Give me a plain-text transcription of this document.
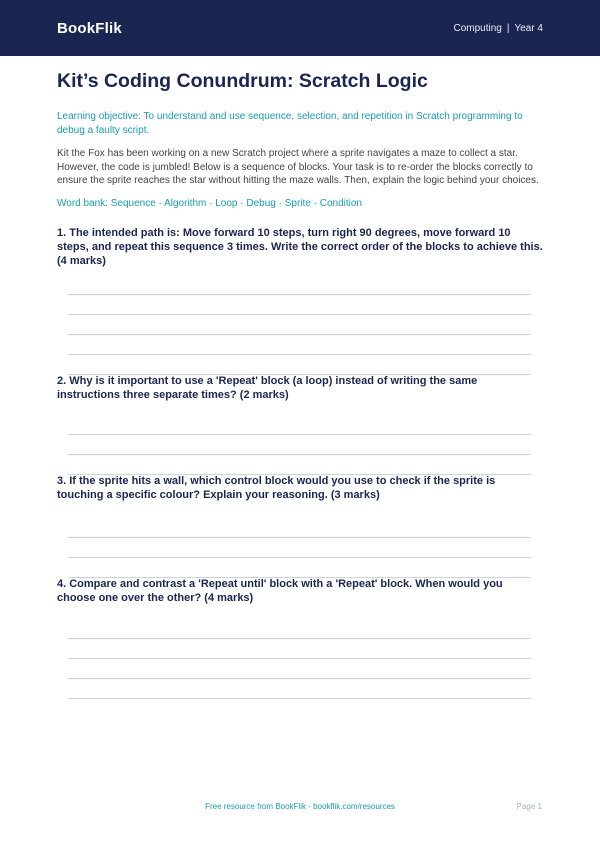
BookFlik	Computing | Year 4
Kit’s Coding Conundrum: Scratch Logic

Learning objective: To understand and use sequence, selection, and repetition in Scratch programming to debug a faulty script.

Kit the Fox has been working on a new Scratch project where a sprite navigates a maze to collect a star. However, the code is jumbled! Below is a sequence of blocks. Your task is to re-order the blocks correctly to ensure the sprite reaches the star without hitting the maze walls. Then, explain the logic behind your choices.

Word bank: Sequence · Algorithm · Loop · Debug · Sprite · Condition

1. The intended path is: Move forward 10 steps, turn right 90 degrees, move forward 10 steps, and repeat this sequence 3 times. Write the correct order of the blocks to achieve this. (4 marks)

2. Why is it important to use a 'Repeat' block (a loop) instead of writing the same instructions three separate times? (2 marks)

3. If the sprite hits a wall, which control block would you use to check if the sprite is touching a specific colour? Explain your reasoning. (3 marks)

4. Compare and contrast a 'Repeat until' block with a 'Repeat' block. When would you choose one over the other? (4 marks)

Free resource from BookFlik · bookflik.com/resources	Page 1
